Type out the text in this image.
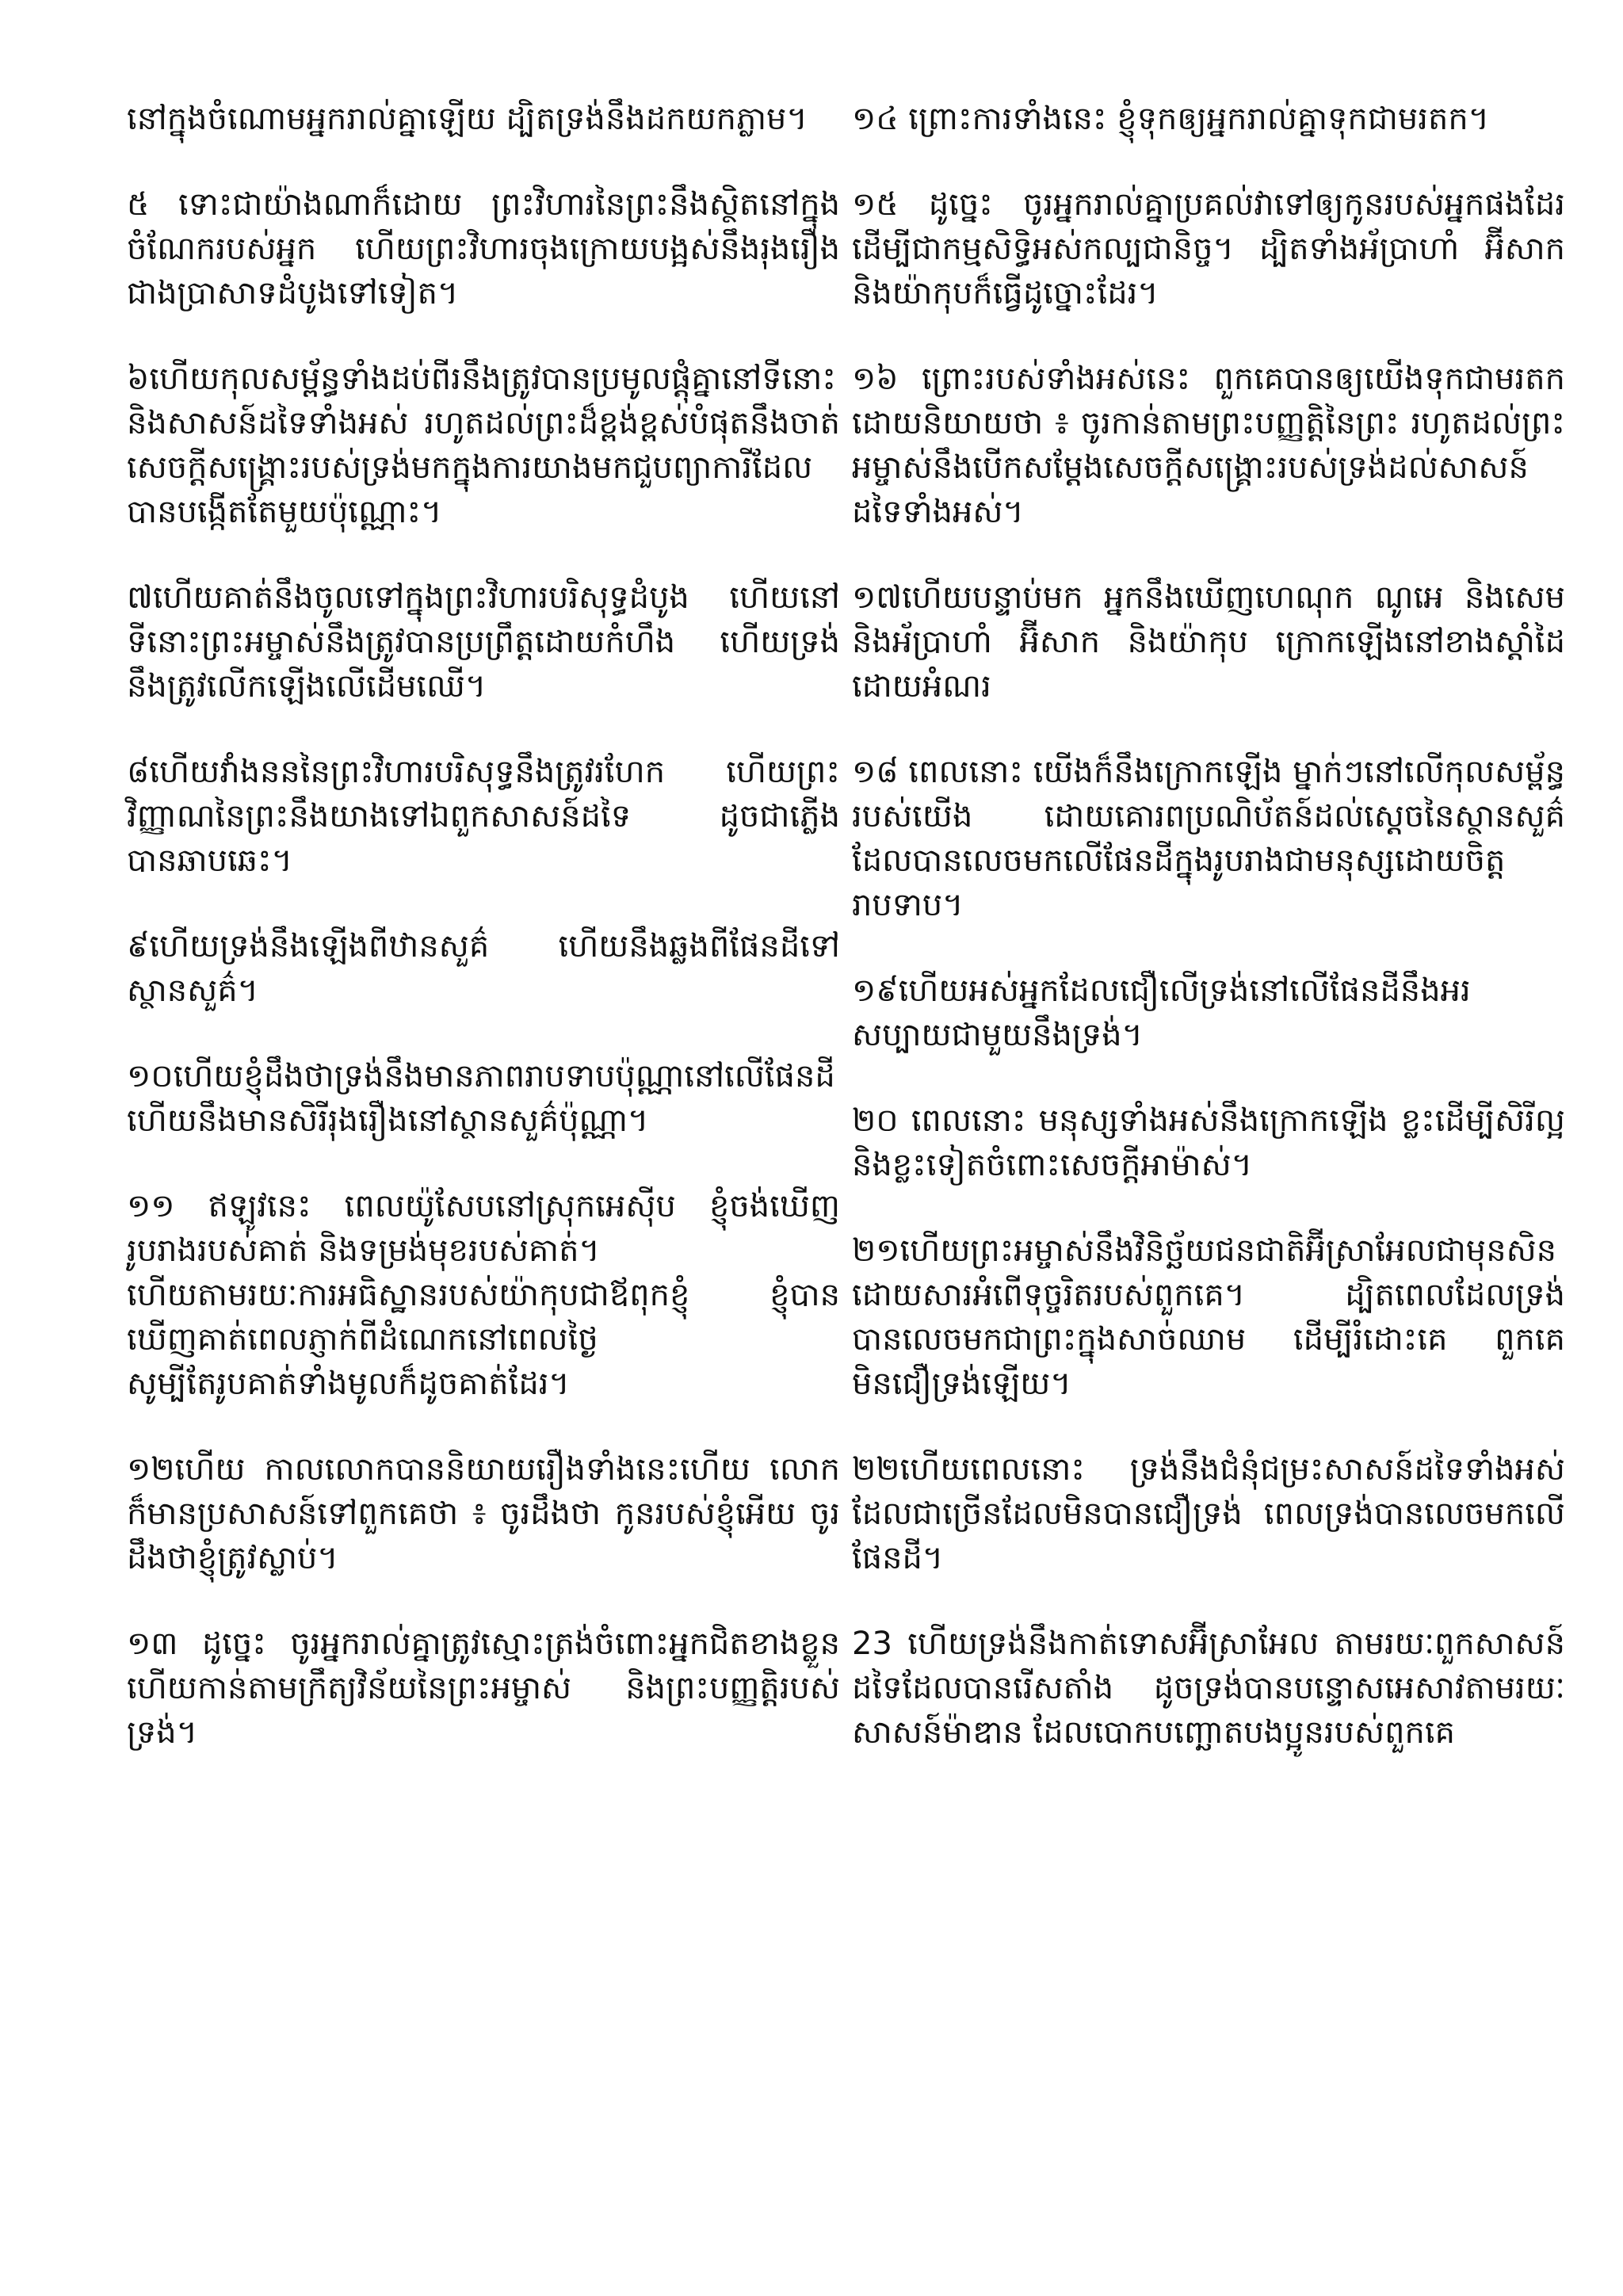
នៅក្នុងចំណោមអ្នករាល់គ្នាឡើយ ដ្បិតទ្រង់នឹងដកយកភ្លាម។

៥ ទោះជាយ៉ាងណាក៏ដោយ ព្រះវិហារនៃព្រះនឹងស្ថិតនៅក្នុងចំណែករបស់អ្នក ហើយព្រះវិហារចុងក្រោយបង្អស់នឹងរុងរឿងជាងប្រាសាទដំបូងទៅទៀត។

៦ហើយកុលសម្ព័ន្ធទាំងដប់ពីរនឹងត្រូវបានប្រមូលផ្តុំគ្នានៅទីនោះ និងសាសន៍ដទៃទាំងអស់ រហូតដល់ព្រះដ៏ខ្ពង់ខ្ពស់បំផុតនឹងចាត់សេចក្តីសង្គ្រោះរបស់ទ្រង់មកក្នុងការយាងមកជួបព្យាការីដែលបានបង្កើតតែមួយប៉ុណ្ណោះ។

៧ហើយគាត់នឹងចូលទៅក្នុងព្រះវិហារបរិសុទ្ធដំបូង ហើយនៅទីនោះព្រះអម្ចាស់នឹងត្រូវបានប្រព្រឹត្តដោយកំហឹង ហើយទ្រង់នឹងត្រូវលើកឡើងលើដើមឈើ។

៨ហើយវាំងនននៃព្រះវិហារបរិសុទ្ធនឹងត្រូវរហែក ហើយព្រះវិញ្ញាណនៃព្រះនឹងយាងទៅឯពួកសាសន៍ដទៃ ដូចជាភ្លើងបានឆាបឆេះ។

៩ហើយទ្រង់នឹងឡើងពីឋានសួគ៌ ហើយនឹងឆ្លងពីផែនដីទៅស្ថានសួគ៌។

១០ហើយខ្ញុំដឹងថាទ្រង់នឹងមានភាពរាបទាបប៉ុណ្ណានៅលើផែនដី ហើយនឹងមានសិរីរុងរឿងនៅស្ថានសួគ៌ប៉ុណ្ណា។

១១ ឥឡូវនេះ ពេលយ៉ូសែបនៅស្រុកអេស៊ីប ខ្ញុំចង់ឃើញរូបរាងរបស់គាត់ និងទម្រង់មុខរបស់គាត់។
ហើយតាមរយៈការអធិស្ឋានរបស់យ៉ាកុបជាឪពុកខ្ញុំ ខ្ញុំបានឃើញគាត់ពេលភ្ញាក់ពីដំណេកនៅពេលថ្ងៃ
សូម្បីតែរូបគាត់ទាំងមូលក៏ដូចគាត់ដែរ។

១២ហើយ កាលលោកបាននិយាយរឿងទាំងនេះហើយ លោកក៏មានប្រសាសន៍ទៅពួកគេថា ៖ ចូរដឹងថា កូនរបស់ខ្ញុំអើយ ចូរដឹងថាខ្ញុំត្រូវស្លាប់។

១៣ ដូច្នេះ ចូរអ្នករាល់គ្នាត្រូវស្មោះត្រង់ចំពោះអ្នកជិតខាងខ្លួន ហើយកាន់តាមក្រឹត្យវិន័យនៃព្រះអម្ចាស់ និងព្រះបញ្ញត្តិរបស់ទ្រង់។

១៤ ព្រោះការទាំងនេះ ខ្ញុំទុកឲ្យអ្នករាល់គ្នាទុកជាមរតក។

១៥ ដូច្នេះ ចូរអ្នករាល់គ្នាប្រគល់វាទៅឲ្យកូនរបស់អ្នកផងដែរ ដើម្បីជាកម្មសិទ្ធិអស់កល្បជានិច្ច។ ដ្បិតទាំងអ័ប្រាហាំ អ៊ីសាក និងយ៉ាកុបក៏ធ្វើដូច្នោះដែរ។

១៦ ព្រោះរបស់ទាំងអស់នេះ ពួកគេបានឲ្យយើងទុកជាមរតក ដោយនិយាយថា ៖ ចូរកាន់តាមព្រះបញ្ញត្តិនៃព្រះ រហូតដល់ព្រះអម្ចាស់នឹងបើកសម្តែងសេចក្តីសង្គ្រោះរបស់ទ្រង់ដល់សាសន៍ដទៃទាំងអស់។

១៧ហើយបន្ទាប់មក អ្នកនឹងឃើញហេណុក ណូអេ និងសេម និងអ័ប្រាហាំ អ៊ីសាក និងយ៉ាកុប ក្រោកឡើងនៅខាងស្តាំដៃដោយអំណរ

១៨ ពេលនោះ យើងក៏នឹងក្រោកឡើង ម្នាក់ៗនៅលើកុលសម្ព័ន្ធរបស់យើង ដោយគោរពប្រណិប័តន៍ដល់ស្តេចនៃស្ថានសួគ៌ ដែលបានលេចមកលើផែនដីក្នុងរូបរាងជាមនុស្សដោយចិត្តរាបទាប។

១៩ហើយអស់អ្នកដែលជឿលើទ្រង់នៅលើផែនដីនឹងអរសប្បាយជាមួយនឹងទ្រង់។

២០ ពេលនោះ មនុស្សទាំងអស់នឹងក្រោកឡើង ខ្លះដើម្បីសិរីល្អ និងខ្លះទៀតចំពោះសេចក្តីអាម៉ាស់។

២១ហើយព្រះអម្ចាស់នឹងវិនិច្ឆ័យជនជាតិអ៊ីស្រាអែលជាមុនសិន ដោយសារអំពើទុច្ចរិតរបស់ពួកគេ។ ដ្បិតពេលដែលទ្រង់បានលេចមកជាព្រះក្នុងសាច់ឈាម ដើម្បីរំដោះគេ ពួកគេមិនជឿទ្រង់ឡើយ។

២២ហើយពេលនោះ ទ្រង់នឹងជំនុំជម្រះសាសន៍ដទៃទាំងអស់ ដែលជាច្រើនដែលមិនបានជឿទ្រង់ ពេលទ្រង់បានលេចមកលើផែនដី។

23 ហើយទ្រង់នឹងកាត់ទោសអ៊ីស្រាអែល តាមរយៈពួកសាសន៍ដទៃដែលបានរើសតាំង ដូចទ្រង់បានបន្ទោសអេសាវតាមរយៈសាសន៍ម៉ាឌាន ដែលបោកបញ្ឆោតបងប្អូនរបស់ពួកគេ
